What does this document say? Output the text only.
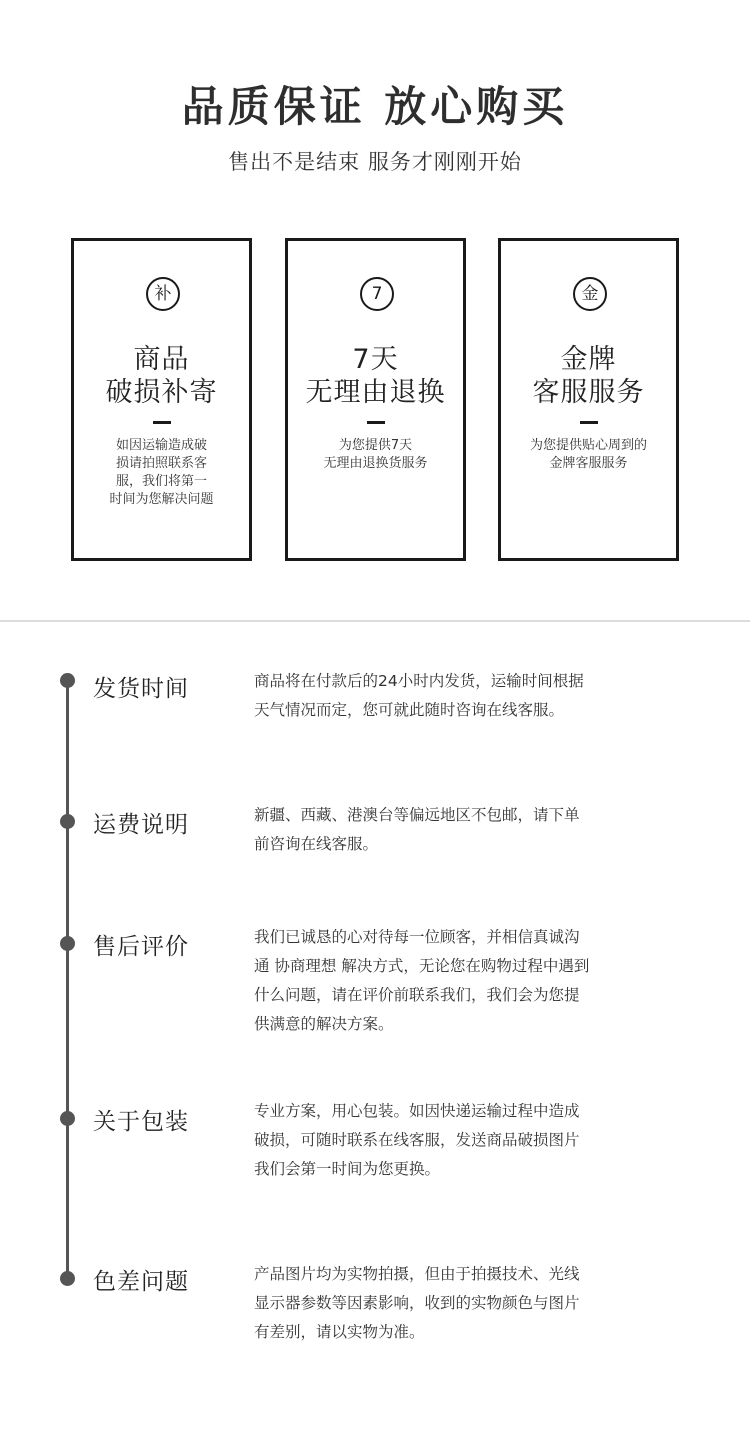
品质保证 放心购买
售出不是结束 服务才刚刚开始
补
商品
破损补寄
如因运输造成破
损请拍照联系客
服，我们将第一
时间为您解决问题
7
7天
无理由退换
为您提供7天
无理由退换货服务
金
金牌
客服服务
为您提供贴心周到的
金牌客服服务
发货时间	商品将在付款后的24小时内发货，运输时间根据
天气情况而定，您可就此随时咨询在线客服。
运费说明	新疆、西藏、港澳台等偏远地区不包邮，请下单
前咨询在线客服。
售后评价	我们已诚恳的心对待每一位顾客，并相信真诚沟
通 协商理想 解决方式，无论您在购物过程中遇到
什么问题，请在评价前联系我们，我们会为您提
供满意的解决方案。
关于包装	专业方案，用心包装。如因快递运输过程中造成
破损，可随时联系在线客服，发送商品破损图片
我们会第一时间为您更换。
色差问题	产品图片均为实物拍摄，但由于拍摄技术、光线
显示器参数等因素影响，收到的实物颜色与图片
有差别，请以实物为准。
